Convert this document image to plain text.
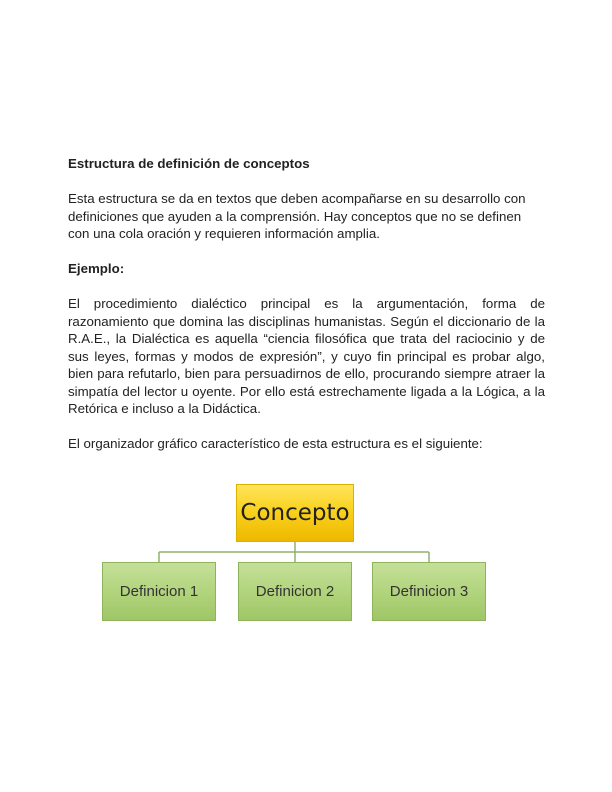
Estructura de definición de conceptos
Esta estructura se da en textos que deben acompañarse en su desarrollo con definiciones que ayuden a la comprensión. Hay conceptos que no se definen con una cola oración y requieren información amplia.
Ejemplo:
El procedimiento dialéctico principal es la argumentación, forma de razonamiento que domina las disciplinas humanistas. Según el diccionario de la R.A.E., la Dialéctica es aquella “ciencia filosófica que trata del raciocinio y de sus leyes, formas y modos de expresión”, y cuyo fin principal es probar algo, bien para refutarlo, bien para persuadirnos de ello, procurando siempre atraer la simpatía del lector u oyente. Por ello está estrechamente ligada a la Lógica, a la Retórica e incluso a la Didáctica.
El organizador gráfico característico de esta estructura es el siguiente:
Concepto
Definicion 1	Definicion 2	Definicion 3
